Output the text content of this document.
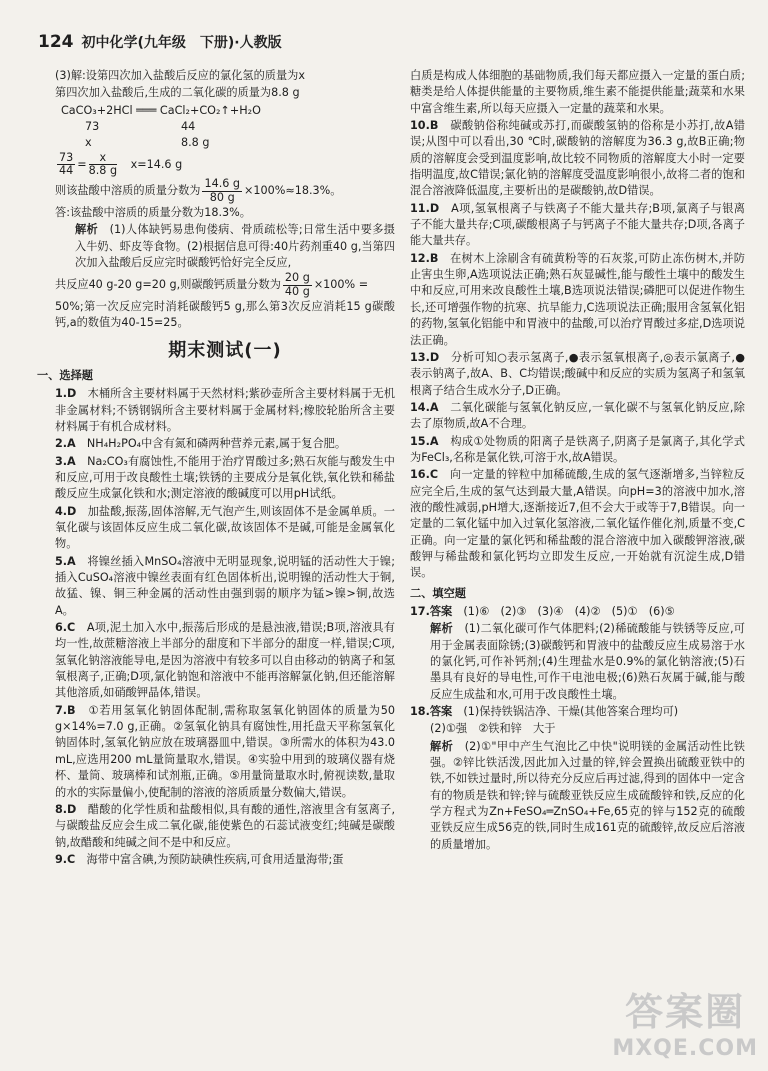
124 初中化学(九年级　下册)·人教版

(3)解:设第四次加入盐酸后反应的氯化氢的质量为x

第四次加入盐酸后,生成的二氧化碳的质量为8.8 g

CaCO₃+2HCl ═══ CaCl₂+CO₂↑+H₂O
73	44
x	8.8 g
$\frac{73}{44} = \frac{x}{8.8 g} x=14.6$ g
则该盐酸中溶质的质量分数为 $\frac{14.6 g}{80 g} \times 100\%\approx 18.3\%$。

答:该盐酸中溶质的质量分数为18.3%。

解析　 (1)人体缺钙易患佝偻病、骨质疏松等;日常生活中要多摄入牛奶、虾皮等食物。(2)根据信息可得:40片药剂重40 g,当第四次加入盐酸后反应完时碳酸钙恰好完全反应,

共反应40 g-20 g=20 g,则碳酸钙质量分数为 $\frac{20 g}{40 g} \times 100\%$ =

50%;第一次反应完时消耗碳酸钙5 g,那么第3次反应消耗15 g碳酸钙,a的数值为40-15=25。

期末测试(一)
一、选择题

1.D　 木桶所含主要材料属于天然材料;紫砂壶所含主要材料属于无机非金属材料;不锈钢锅所含主要材料属于金属材料;橡胶轮胎所含主要材料属于有机合成材料。

2.A　 NH₄H₂PO₄中含有氮和磷两种营养元素,属于复合肥。

3.A　 Na₂CO₃有腐蚀性,不能用于治疗胃酸过多;熟石灰能与酸发生中和反应,可用于改良酸性土壤;铁锈的主要成分是氧化铁,氧化铁和稀盐酸反应生成氯化铁和水;测定溶液的酸碱度可以用pH试纸。

4.D　 加盐酸,振荡,固体溶解,无气泡产生,则该固体不是金属单质。一氧化碳与该固体反应生成二氧化碳,故该固体不是碱,可能是金属氧化物。

5.A　 将镍丝插入MnSO₄溶液中无明显现象,说明锰的活动性大于镍;插入CuSO₄溶液中镍丝表面有红色固体析出,说明镍的活动性大于铜,故猛、镍、铜三种金属的活动性由强到弱的顺序为锰>镍>铜,故选A。

6.C　 A项,泥土加入水中,振荡后形成的是悬浊液,错误;B项,溶液具有均一性,故蔗糖溶液上半部分的甜度和下半部分的甜度一样,错误;C项,氢氧化钠溶液能导电,是因为溶液中有较多可以自由移动的钠离子和氢氧根离子,正确;D项,氯化钠饱和溶液中不能再溶解氯化钠,但还能溶解其他溶质,如硝酸钾晶体,错误。

7.B　 ①若用氢氧化钠固体配制,需称取氢氧化钠固体的质量为50 g×14%=7.0 g,正确。②氢氧化钠具有腐蚀性,用托盘天平称氢氧化钠固体时,氢氧化钠应放在玻璃器皿中,错误。③所需水的体积为43.0 mL,应选用200 mL量筒量取水,错误。④实验中用到的玻璃仪器有烧杯、量筒、玻璃棒和试剂瓶,正确。⑤用量筒量取水时,俯视读数,量取的水的实际量偏小,使配制的溶液的溶质质量分数偏大,错误。

8.D　 醋酸的化学性质和盐酸相似,具有酸的通性,溶液里含有氢离子,与碳酸盐反应会生成二氧化碳,能使紫色的石蕊试液变红;纯碱是碳酸钠,故醋酸和纯碱之间不是中和反应。

9.C　 海带中富含碘,为预防缺碘性疾病,可食用适量海带;蛋

白质是构成人体细胞的基础物质,我们每天都应摄入一定量的蛋白质;糖类是给人体提供能量的主要物质,维生素不能提供能量;蔬菜和水果中富含维生素,所以每天应摄入一定量的蔬菜和水果。

10.B　 碳酸钠俗称纯碱或苏打,而碳酸氢钠的俗称是小苏打,故A错误;从图中可以看出,30 ℃时,碳酸钠的溶解度为36.3 g,故B正确;物质的溶解度会受到温度影响,故比较不同物质的溶解度大小时一定要指明温度,故C错误;氯化钠的溶解度受温度影响很小,故将二者的饱和混合溶液降低温度,主要析出的是碳酸钠,故D错误。

11.D　 A项,氢氧根离子与铁离子不能大量共存;B项,氯离子与银离子不能大量共存;C项,碳酸根离子与钙离子不能大量共存;D项,各离子能大量共存。

12.B　 在树木上涂刷含有硫黄粉等的石灰浆,可防止冻伤树木,并防止害虫生卵,A选项说法正确;熟石灰显碱性,能与酸性土壤中的酸发生中和反应,可用来改良酸性土壤,B选项说法错误;磷肥可以促进作物生长,还可增强作物的抗寒、抗旱能力,C选项说法正确;服用含氢氧化铝的药物,氢氧化铝能中和胃液中的盐酸,可以治疗胃酸过多症,D选项说法正确。

13.D　 分析可知○表示氢离子,●表示氢氧根离子,◎表示氯离子,●表示钠离子,故A、B、C均错误;酸碱中和反应的实质为氢离子和氢氧根离子结合生成水分子,D正确。

14.A　 二氧化碳能与氢氧化钠反应,一氧化碳不与氢氧化钠反应,除去了原物质,故A不合理。

15.A　 构成①处物质的阳离子是铁离子,阴离子是氯离子,其化学式为FeCl₃,名称是氯化铁,可溶于水,故A错误。

16.C　 向一定量的锌粒中加稀硫酸,生成的氢气逐渐增多,当锌粒反应完全后,生成的氢气达到最大量,A错误。向pH=3的溶液中加水,溶液的酸性减弱,pH增大,逐渐接近7,但不会大于或等于7,B错误。向一定量的二氧化锰中加入过氧化氢溶液,二氧化锰作催化剂,质量不变,C正确。向一定量的氯化钙和稀盐酸的混合溶液中加入碳酸钾溶液,碳酸钾与稀盐酸和氯化钙均立即发生反应,一开始就有沉淀生成,D错误。

二、填空题

17.答案　 (1)⑥　(2)③　(3)④　(4)②　(5)①　(6)⑤

解析　 (1)二氧化碳可作气体肥料;(2)稀硫酸能与铁锈等反应,可用于金属表面除锈;(3)碳酸钙和胃液中的盐酸反应生成易溶于水的氯化钙,可作补钙剂;(4)生理盐水是0.9%的氯化钠溶液;(5)石墨具有良好的导电性,可作干电池电极;(6)熟石灰属于碱,能与酸反应生成盐和水,可用于改良酸性土壤。

18.答案　 (1)保持铁锅洁净、干燥(其他答案合理均可)

(2)①强　②铁和锌　大于

解析　 (2)①"甲中产生气泡比乙中快"说明镁的金属活动性比铁强。②锌比铁活泼,因此加入过量的锌,锌会置换出硫酸亚铁中的铁,不如铁过量时,所以待充分反应后再过滤,得到的固体中一定含有的物质是铁和锌;锌与硫酸亚铁反应生成硫酸锌和铁,反应的化学方程式为Zn+FeSO₄═ZnSO₄+Fe,65克的锌与152克的硫酸亚铁反应生成56克的铁,同时生成161克的硫酸锌,故反应后溶液的质量增加。

答案圈
MXQE.COM
